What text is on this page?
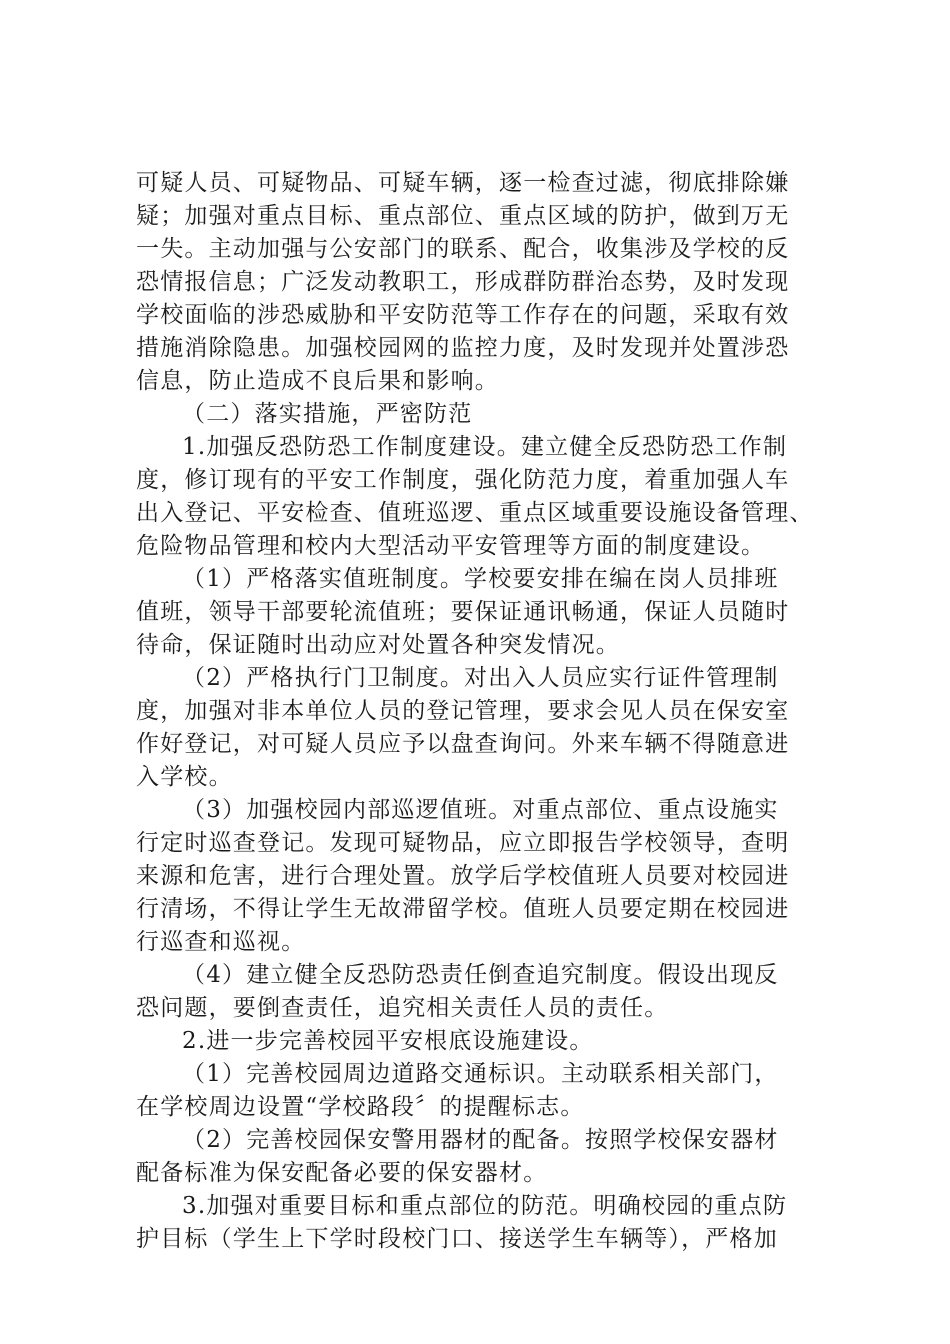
可疑人员、可疑物品、可疑车辆，逐一检查过滤，彻底排除嫌
疑；加强对重点目标、重点部位、重点区域的防护，做到万无
一失。主动加强与公安部门的联系、配合，收集涉及学校的反
恐情报信息；广泛发动教职工，形成群防群治态势，及时发现
学校面临的涉恐威胁和平安防范等工作存在的问题，采取有效
措施消除隐患。加强校园网的监控力度，及时发现并处置涉恐
信息，防止造成不良后果和影响。
（二）落实措施，严密防范
1.加强反恐防恐工作制度建设。建立健全反恐防恐工作制
度，修订现有的平安工作制度，强化防范力度，着重加强人车
出入登记、平安检查、值班巡逻、重点区域重要设施设备管理、
危险物品管理和校内大型活动平安管理等方面的制度建设。
（1）严格落实值班制度。学校要安排在编在岗人员排班
值班，领导干部要轮流值班；要保证通讯畅通，保证人员随时
待命，保证随时出动应对处置各种突发情况。
（2）严格执行门卫制度。对出入人员应实行证件管理制
度，加强对非本单位人员的登记管理，要求会见人员在保安室
作好登记，对可疑人员应予以盘查询问。外来车辆不得随意进
入学校。
（3）加强校园内部巡逻值班。对重点部位、重点设施实
行定时巡查登记。发现可疑物品，应立即报告学校领导，查明
来源和危害，进行合理处置。放学后学校值班人员要对校园进
行清场，不得让学生无故滞留学校。值班人员要定期在校园进
行巡查和巡视。
（4）建立健全反恐防恐责任倒查追究制度。假设出现反
恐问题，要倒查责任，追究相关责任人员的责任。
2.进一步完善校园平安根底设施建设。
（1）完善校园周边道路交通标识。主动联系相关部门，
在学校周边设置“学校路段〞的提醒标志。
（2）完善校园保安警用器材的配备。按照学校保安器材
配备标准为保安配备必要的保安器材。
3.加强对重要目标和重点部位的防范。明确校园的重点防
护目标（学生上下学时段校门口、接送学生车辆等），严格加
